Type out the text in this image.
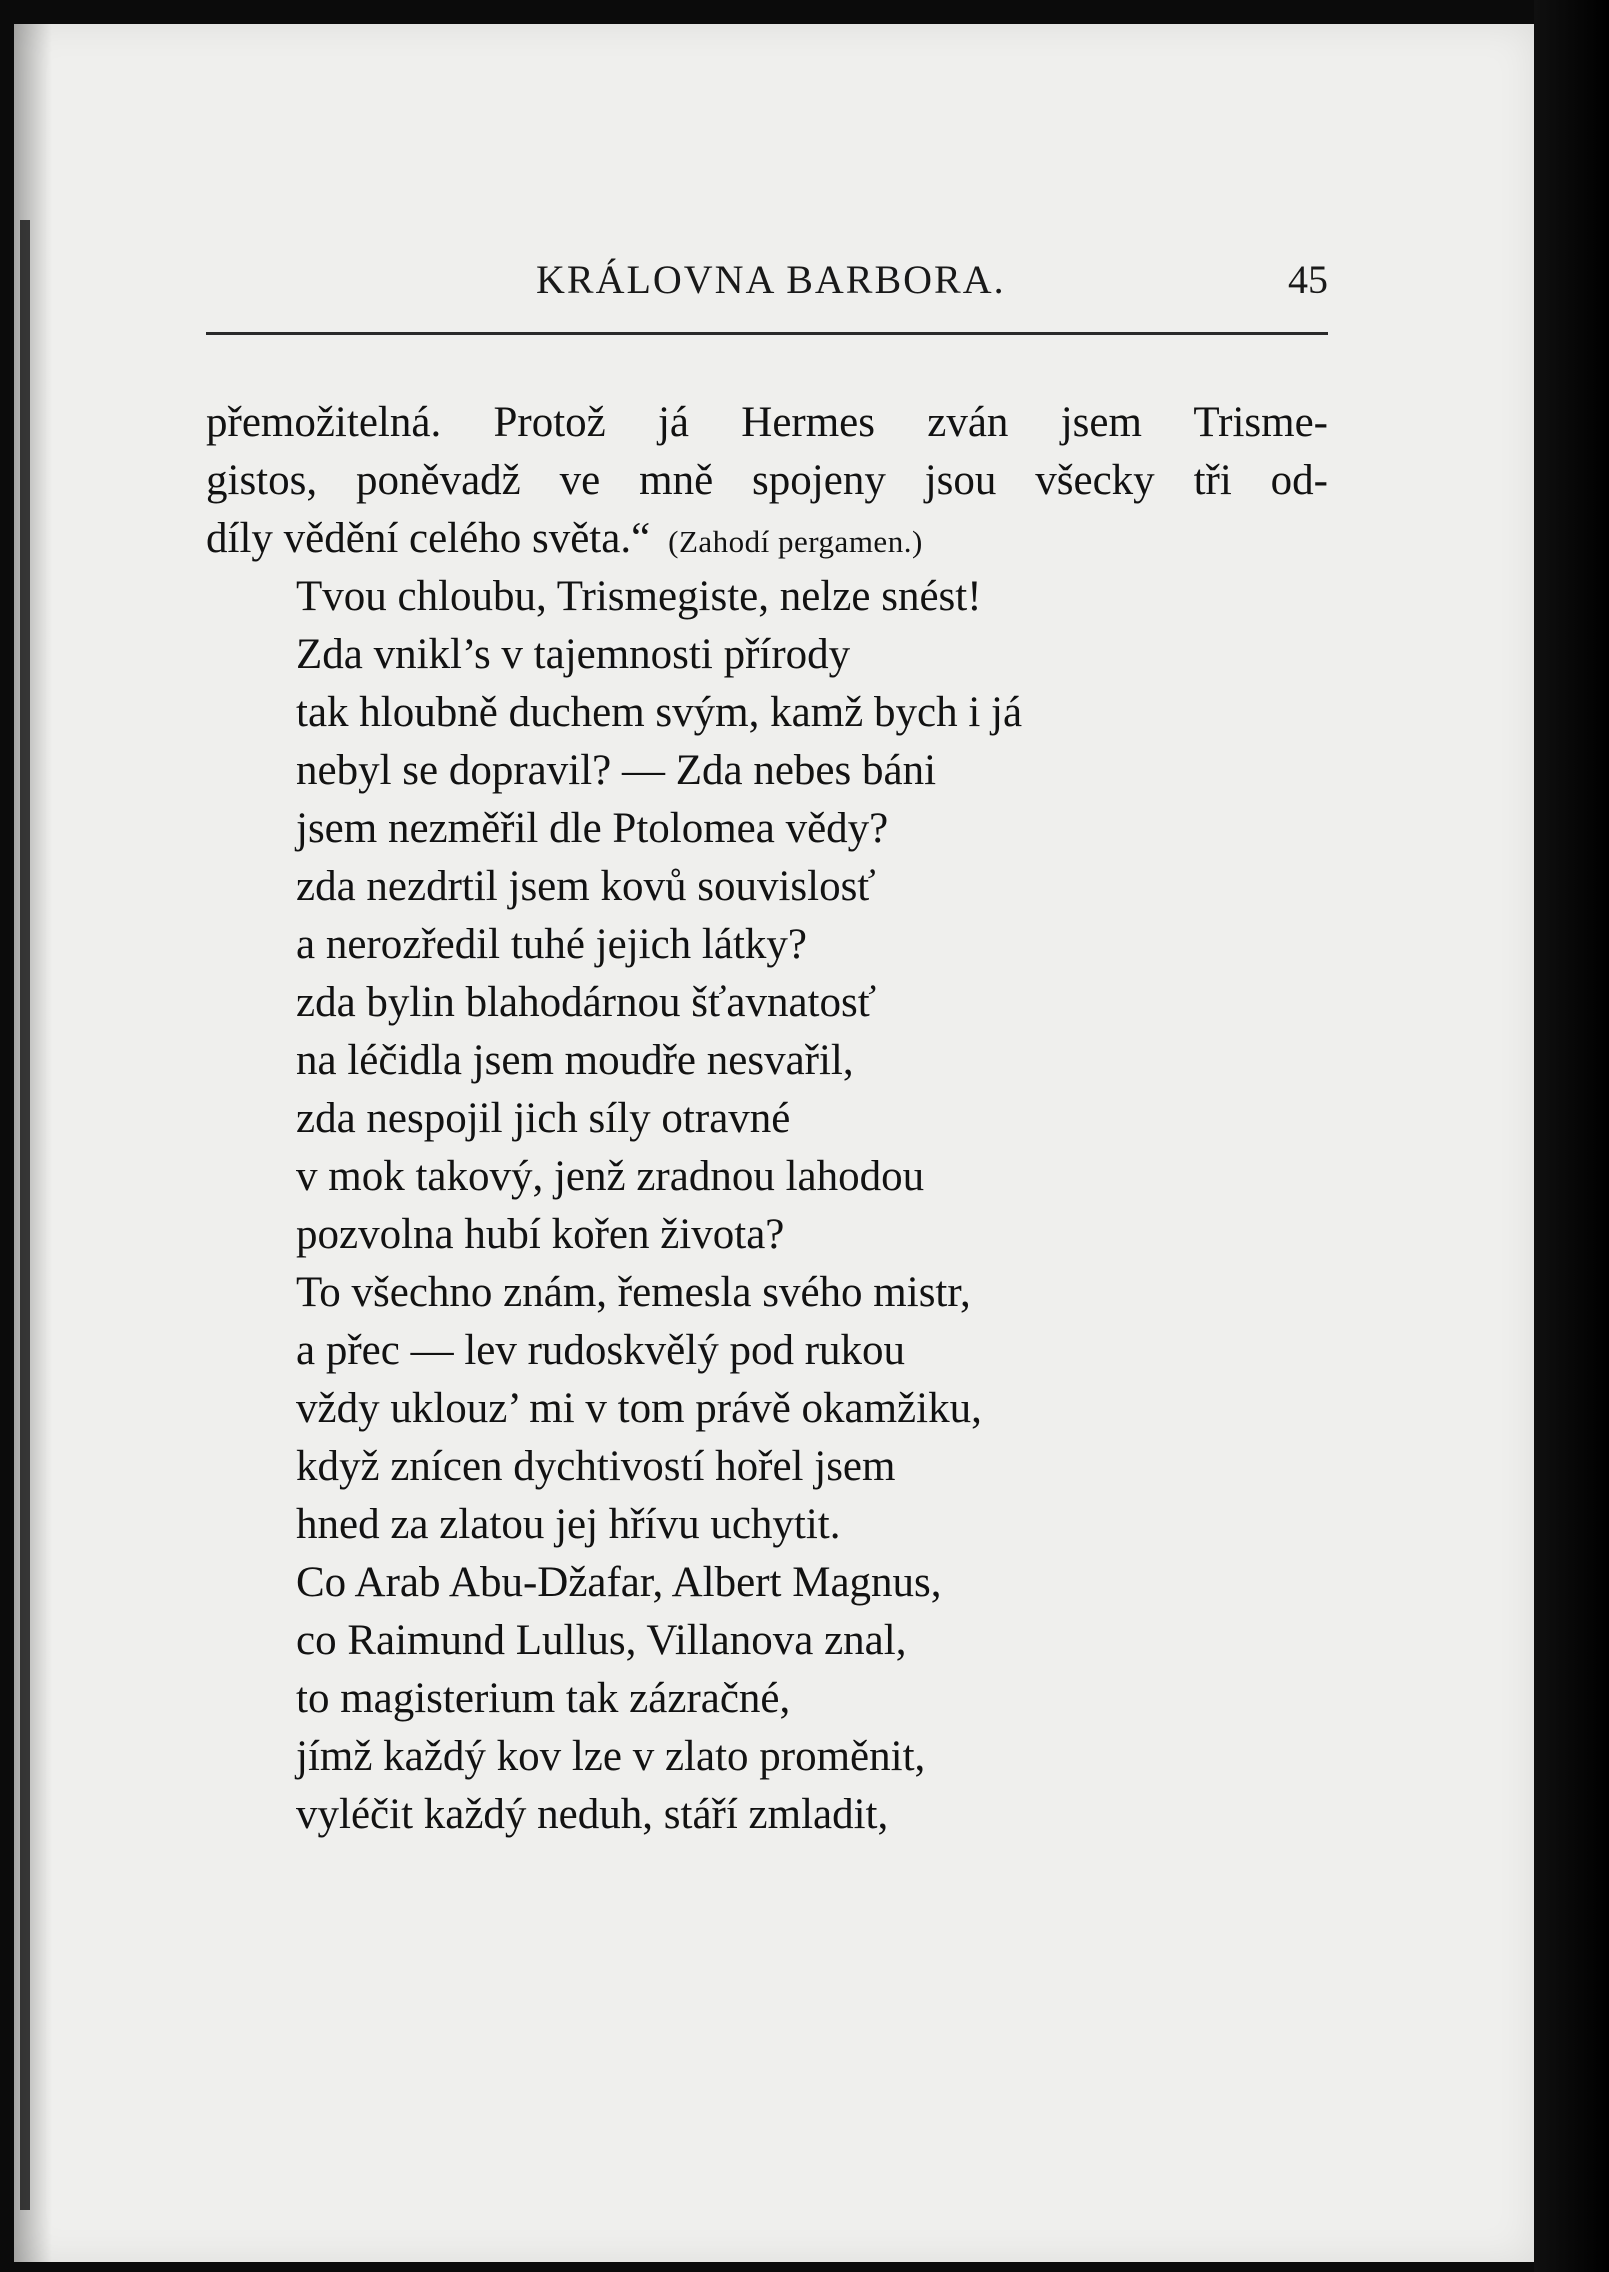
KRÁLOVNA BARBORA.	45
přemožitelná. Protož já Hermes zván jsem Trisme-
gistos, poněvadž ve mně spojeny jsou všecky tři od-
díly vědění celého světa.“ (Zahodí pergamen.)
Tvou chloubu, Trismegiste, nelze snést!
Zda vnikl’s v tajemnosti přírody
tak hloubně duchem svým, kamž bych i já
nebyl se dopravil? — Zda nebes báni
jsem nezměřil dle Ptolomea vědy?
zda nezdrtil jsem kovů souvislosť
a nerozředil tuhé jejich látky?
zda bylin blahodárnou šťavnatosť
na léčidla jsem moudře nesvařil,
zda nespojil jich síly otravné
v mok takový, jenž zradnou lahodou
pozvolna hubí kořen života?
To všechno znám, řemesla svého mistr,
a přec — lev rudoskvělý pod rukou
vždy uklouz’ mi v tom právě okamžiku,
když znícen dychtivostí hořel jsem
hned za zlatou jej hřívu uchytit.
Co Arab Abu-Džafar, Albert Magnus,
co Raimund Lullus, Villanova znal,
to magisterium tak zázračné,
jímž každý kov lze v zlato proměnit,
vyléčit každý neduh, stáří zmladit,
